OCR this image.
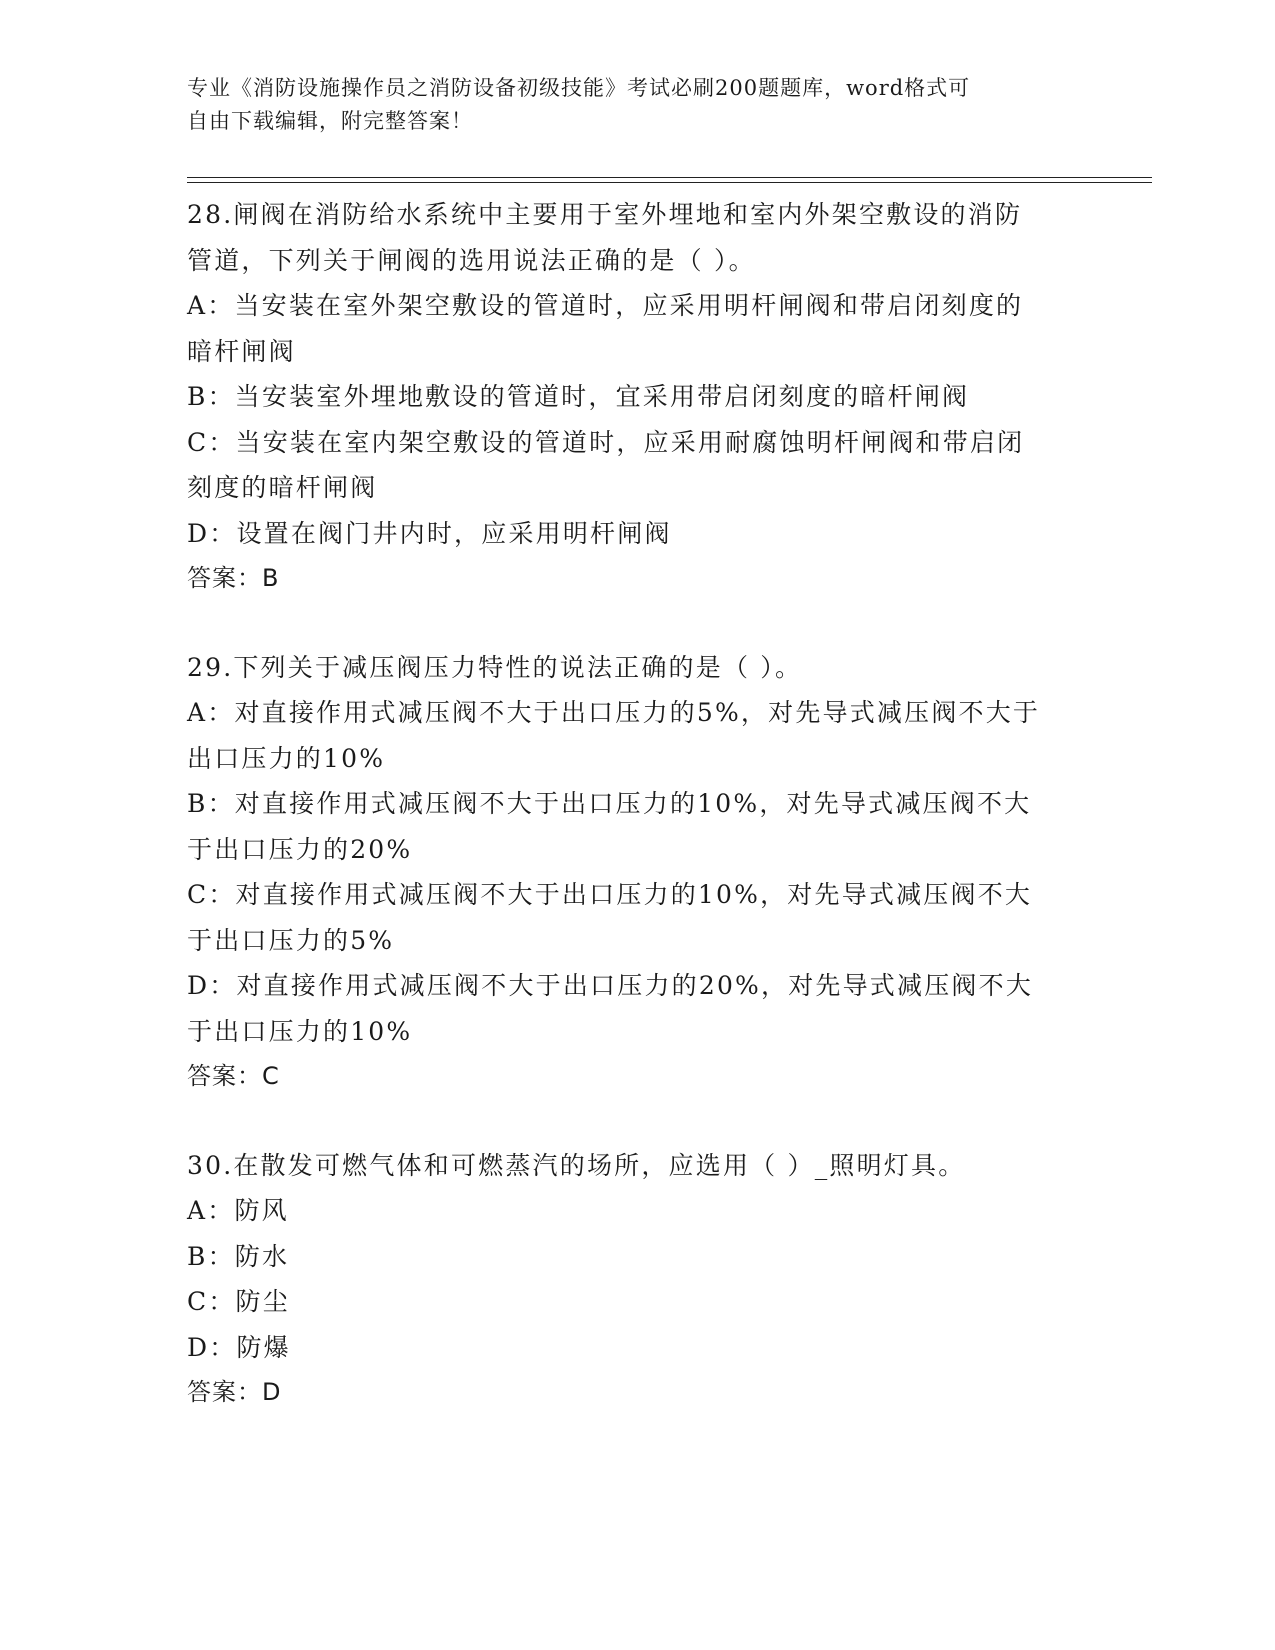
专业《消防设施操作员之消防设备初级技能》考试必刷200题题库，word格式可
自由下载编辑，附完整答案！
28.闸阀在消防给水系统中主要用于室外埋地和室内外架空敷设的消防
管道，下列关于闸阀的选用说法正确的是（ ）。
A：当安装在室外架空敷设的管道时，应采用明杆闸阀和带启闭刻度的
暗杆闸阀
B：当安装室外埋地敷设的管道时，宜采用带启闭刻度的暗杆闸阀
C：当安装在室内架空敷设的管道时，应采用耐腐蚀明杆闸阀和带启闭
刻度的暗杆闸阀
D：设置在阀门井内时，应采用明杆闸阀
答案：B
29.下列关于减压阀压力特性的说法正确的是（ ）。
A：对直接作用式减压阀不大于出口压力的5%，对先导式减压阀不大于
出口压力的10%
B：对直接作用式减压阀不大于出口压力的10%，对先导式减压阀不大
于出口压力的20%
C：对直接作用式减压阀不大于出口压力的10%，对先导式减压阀不大
于出口压力的5%
D：对直接作用式减压阀不大于出口压力的20%，对先导式减压阀不大
于出口压力的10%
答案：C
30.在散发可燃气体和可燃蒸汽的场所，应选用（ ）_照明灯具。
A：防风
B：防水
C：防尘
D：防爆
答案：D
